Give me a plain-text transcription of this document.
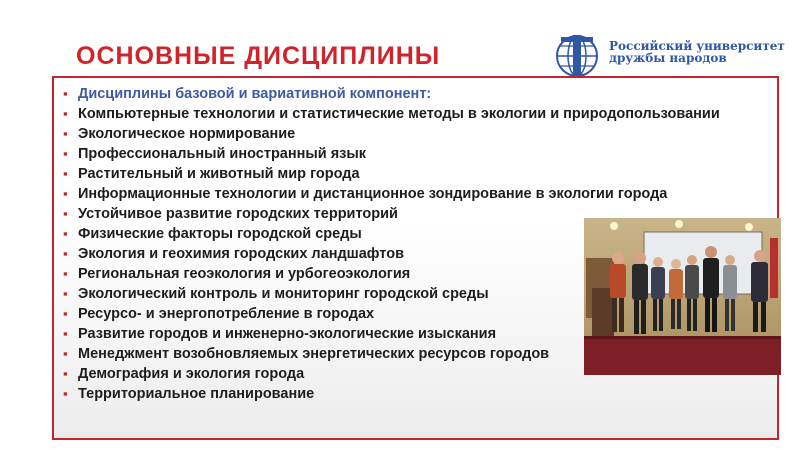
ОСНОВНЫЕ ДИСЦИПЛИНЫ	Российский университет
дружбы народов
▪ Дисциплины базовой и вариативной компонент:
▪ Компьютерные технологии и статистические методы в экологии и природопользовании
▪ Экологическое нормирование
▪ Профессиональный иностранный язык
▪ Растительный и животный мир города
▪ Информационные технологии и дистанционное зондирование в экологии города
▪ Устойчивое развитие городских территорий
▪ Физические факторы городской среды
▪ Экология и геохимия городских ландшафтов
▪ Региональная геоэкология и урбогеоэкология
▪ Экологический контроль и мониторинг городской среды
▪ Ресурсо- и энергопотребление в городах
▪ Развитие городов и инженерно-экологические изыскания
▪ Менеджмент возобновляемых энергетических ресурсов городов
▪ Демография и экология города
▪ Территориальное планирование
